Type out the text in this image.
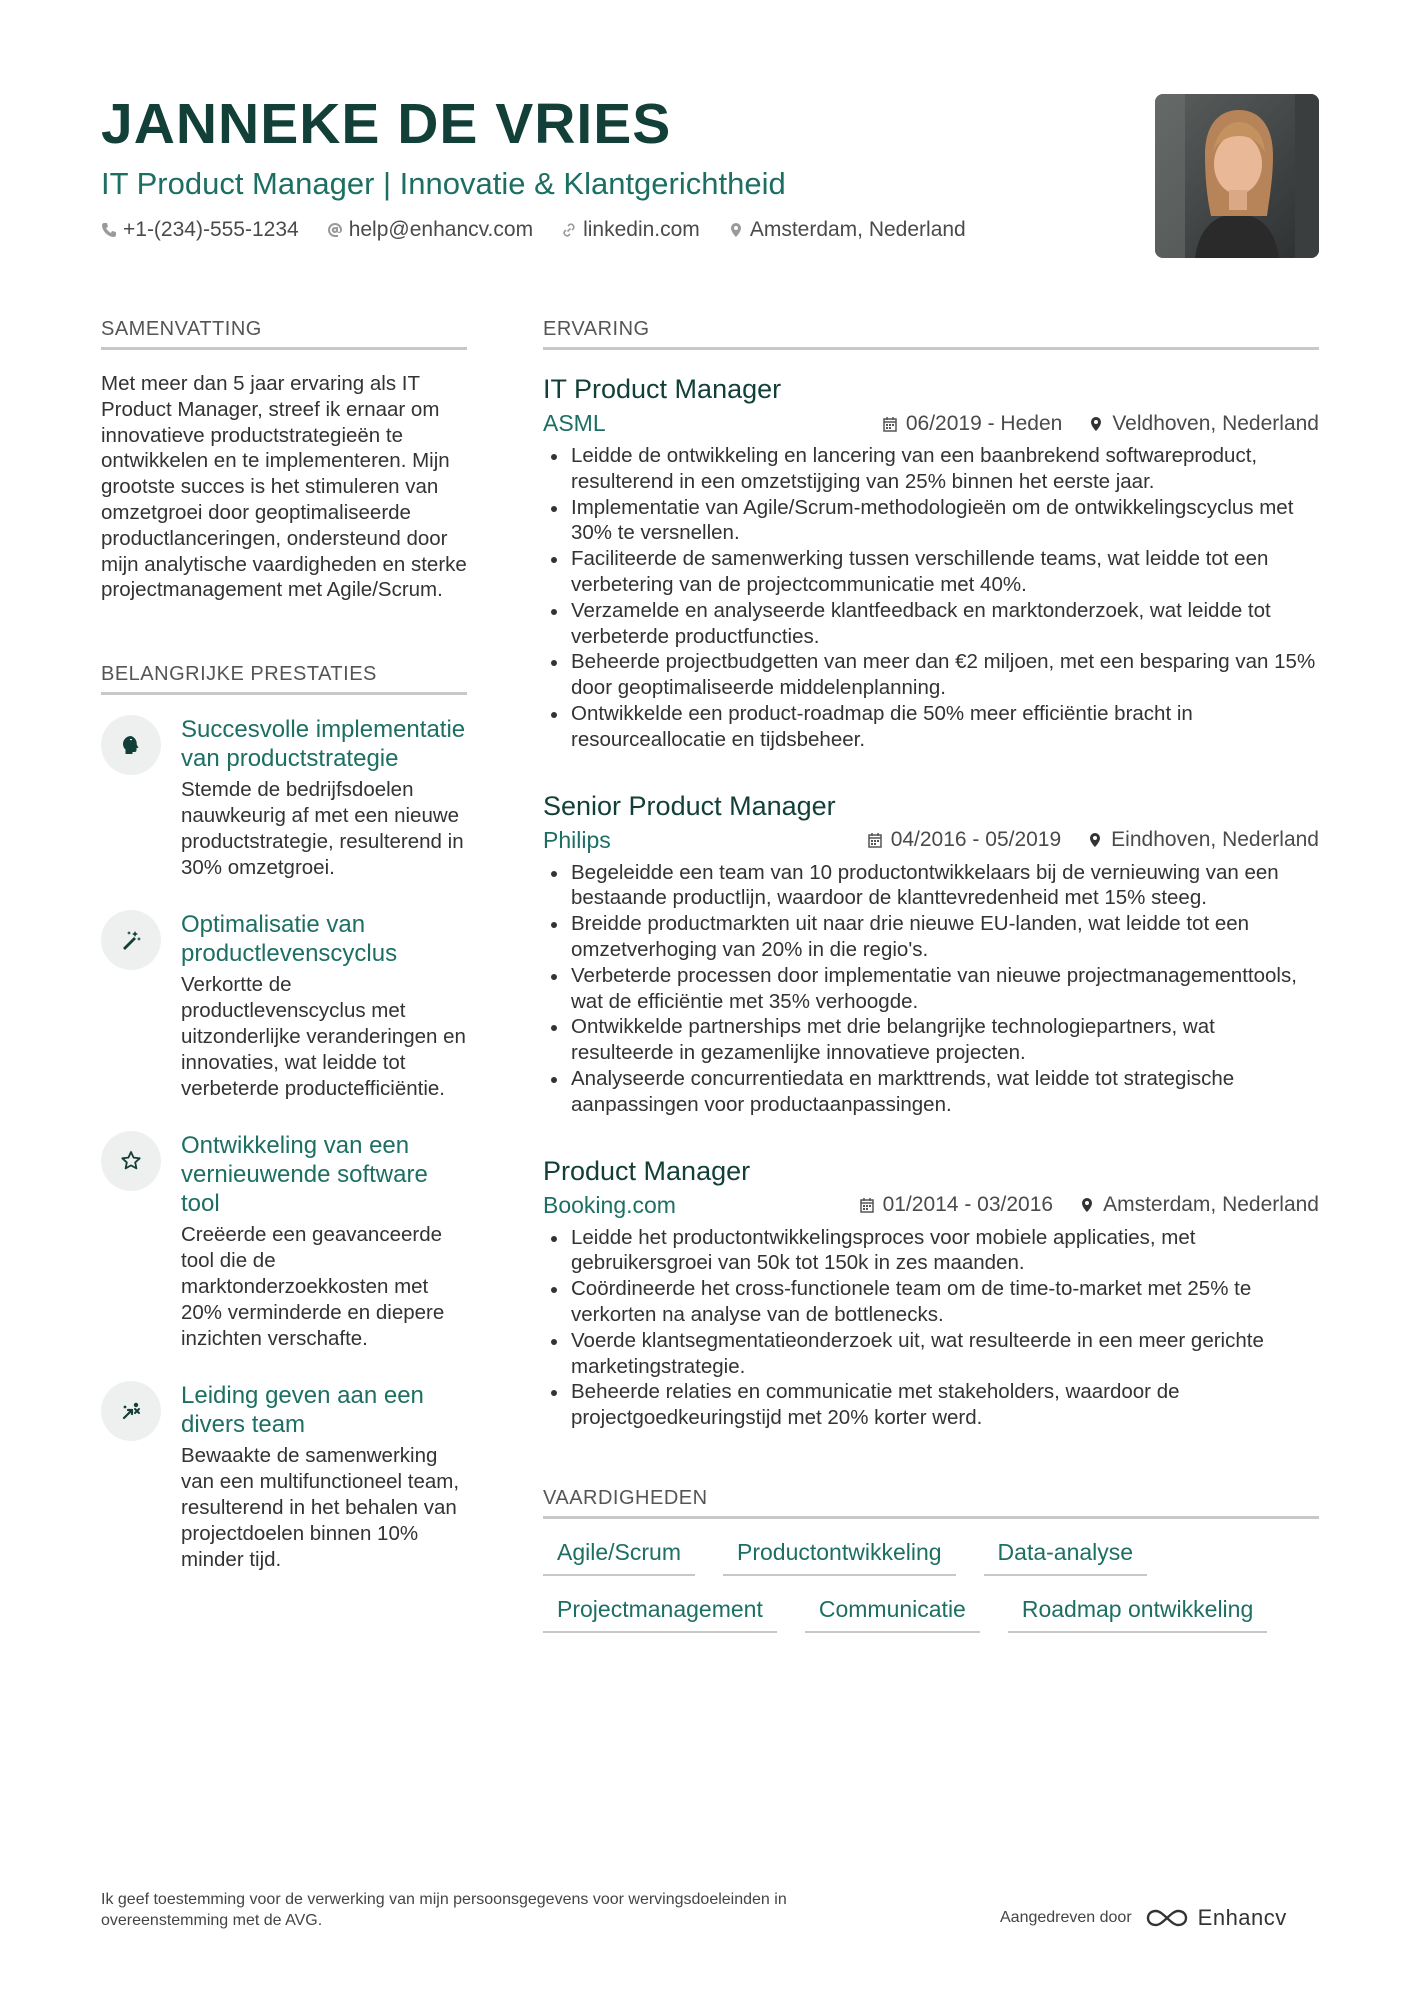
JANNEKE DE VRIES
IT Product Manager | Innovatie & Klantgerichtheid
+1-(234)-555-1234 help@enhancv.com linkedin.com Amsterdam, Nederland
SAMENVATTING
Met meer dan 5 jaar ervaring als IT Product Manager, streef ik ernaar om innovatieve productstrategieën te ontwikkelen en te implementeren. Mijn grootste succes is het stimuleren van omzetgroei door geoptimaliseerde productlanceringen, ondersteund door mijn analytische vaardigheden en sterke projectmanagement met Agile/Scrum.
BELANGRIJKE PRESTATIES
Succesvolle implementatie van productstrategie
Stemde de bedrijfsdoelen nauwkeurig af met een nieuwe productstrategie, resulterend in 30% omzetgroei.
Optimalisatie van productlevenscyclus
Verkortte de productlevenscyclus met uitzonderlijke veranderingen en innovaties, wat leidde tot verbeterde productefficiëntie.
Ontwikkeling van een vernieuwende software tool
Creëerde een geavanceerde tool die de marktonderzoekkosten met 20% verminderde en diepere inzichten verschafte.
Leiding geven aan een divers team
Bewaakte de samenwerking van een multifunctioneel team, resulterend in het behalen van projectdoelen binnen 10% minder tijd.
ERVARING
IT Product Manager
ASML	06/2019 - Heden Veldhoven, Nederland
Leidde de ontwikkeling en lancering van een baanbrekend softwareproduct, resulterend in een omzetstijging van 25% binnen het eerste jaar.
Implementatie van Agile/Scrum-methodologieën om de ontwikkelingscyclus met 30% te versnellen.
Faciliteerde de samenwerking tussen verschillende teams, wat leidde tot een verbetering van de projectcommunicatie met 40%.
Verzamelde en analyseerde klantfeedback en marktonderzoek, wat leidde tot verbeterde productfuncties.
Beheerde projectbudgetten van meer dan €2 miljoen, met een besparing van 15% door geoptimaliseerde middelenplanning.
Ontwikkelde een product-roadmap die 50% meer efficiëntie bracht in resourceallocatie en tijdsbeheer.
Senior Product Manager
Philips	04/2016 - 05/2019 Eindhoven, Nederland
Begeleidde een team van 10 productontwikkelaars bij de vernieuwing van een bestaande productlijn, waardoor de klanttevredenheid met 15% steeg.
Breidde productmarkten uit naar drie nieuwe EU-landen, wat leidde tot een omzetverhoging van 20% in die regio's.
Verbeterde processen door implementatie van nieuwe projectmanagementtools, wat de efficiëntie met 35% verhoogde.
Ontwikkelde partnerships met drie belangrijke technologiepartners, wat resulteerde in gezamenlijke innovatieve projecten.
Analyseerde concurrentiedata en markttrends, wat leidde tot strategische aanpassingen voor productaanpassingen.
Product Manager
Booking.com	01/2014 - 03/2016 Amsterdam, Nederland
Leidde het productontwikkelingsproces voor mobiele applicaties, met gebruikersgroei van 50k tot 150k in zes maanden.
Coördineerde het cross-functionele team om de time-to-market met 25% te verkorten na analyse van de bottlenecks.
Voerde klantsegmentatieonderzoek uit, wat resulteerde in een meer gerichte marketingstrategie.
Beheerde relaties en communicatie met stakeholders, waardoor de projectgoedkeuringstijd met 20% korter werd.
VAARDIGHEDEN
Agile/Scrum	Productontwikkeling	Data-analyse
Projectmanagement	Communicatie	Roadmap ontwikkeling
Ik geef toestemming voor de verwerking van mijn persoonsgegevens voor wervingsdoeleinden in overeenstemming met de AVG.	Aangedreven door	Enhancv
